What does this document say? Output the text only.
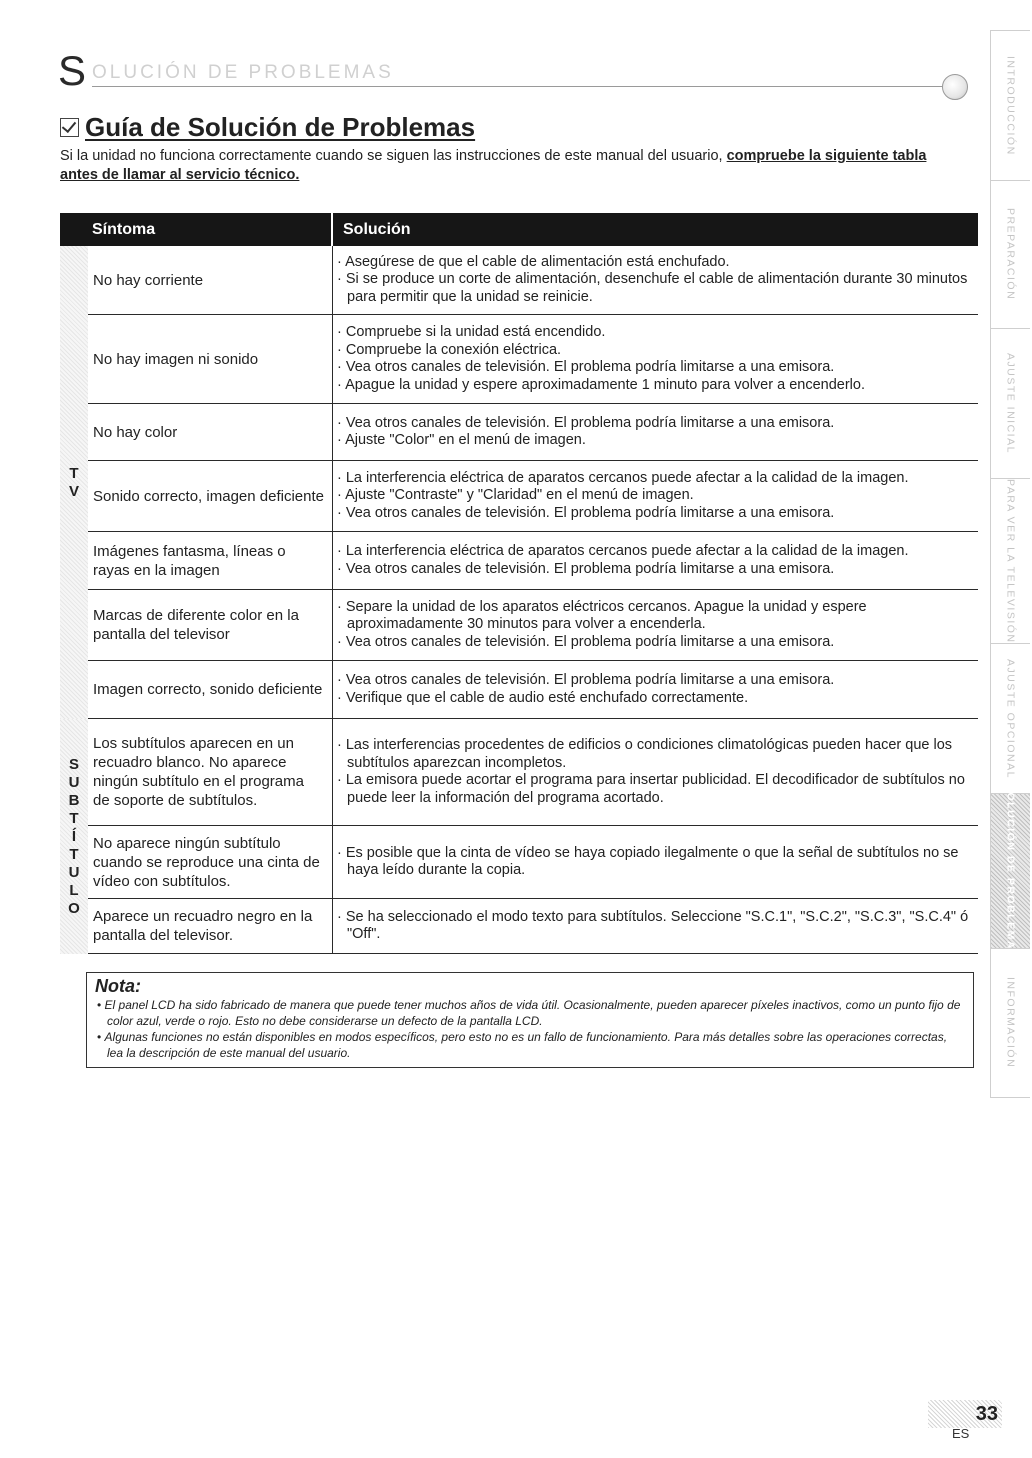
S OLUCIÓN DE PROBLEMAS
Guía de Solución de Problemas
Si la unidad no funciona correctamente cuando se siguen las instrucciones de este manual del usuario, compruebe la siguiente tabla antes de llamar al servicio técnico.
Síntoma	Solución
T
V
No hay corriente
· Asegúrese de que el cable de alimentación está enchufado.
· Si se produce un corte de alimentación, desenchufe el cable de alimentación durante 30 minutos para permitir que la unidad se reinicie.
No hay imagen ni sonido
· Compruebe si la unidad está encendido.
· Compruebe la conexión eléctrica.
· Vea otros canales de televisión. El problema podría limitarse a una emisora.
· Apague la unidad y espere aproximadamente 1 minuto para volver a encenderlo.
No hay color
· Vea otros canales de televisión. El problema podría limitarse a una emisora.
· Ajuste "Color" en el menú de imagen.
Sonido correcto, imagen deficiente
· La interferencia eléctrica de aparatos cercanos puede afectar a la calidad de la imagen.
· Ajuste "Contraste" y "Claridad" en el menú de imagen.
· Vea otros canales de televisión. El problema podría limitarse a una emisora.
Imágenes fantasma, líneas o rayas en la imagen
· La interferencia eléctrica de aparatos cercanos puede afectar a la calidad de la imagen.
· Vea otros canales de televisión. El problema podría limitarse a una emisora.
Marcas de diferente color en la pantalla del televisor
· Separe la unidad de los aparatos eléctricos cercanos. Apague la unidad y espere aproximadamente 30 minutos para volver a encenderla.
· Vea otros canales de televisión. El problema podría limitarse a una emisora.
Imagen correcto, sonido deficiente
· Vea otros canales de televisión. El problema podría limitarse a una emisora.
· Verifique que el cable de audio esté enchufado correctamente.
S
U
B
T
Í
T
U
L
O
Los subtítulos aparecen en un recuadro blanco. No aparece ningún subtítulo en el programa de soporte de subtítulos.
· Las interferencias procedentes de edificios o condiciones climatológicas pueden hacer que los subtítulos aparezcan incompletos.
· La emisora puede acortar el programa para insertar publicidad. El decodificador de subtítulos no puede leer la información del programa acortado.
No aparece ningún subtítulo cuando se reproduce una cinta de vídeo con subtítulos.
· Es posible que la cinta de vídeo se haya copiado ilegalmente o que la señal de subtítulos no se haya leído durante la copia.
Aparece un recuadro negro en la pantalla del televisor.
· Se ha seleccionado el modo texto para subtítulos. Seleccione "S.C.1", "S.C.2", "S.C.3", "S.C.4" ó "Off".
Nota:
• El panel LCD ha sido fabricado de manera que puede tener muchos años de vida útil. Ocasionalmente, pueden aparecer píxeles inactivos, como un punto fijo de color azul, verde o rojo. Esto no debe considerarse un defecto de la pantalla LCD.
• Algunas funciones no están disponibles en modos específicos, pero esto no es un fallo de funcionamiento. Para más detalles sobre las operaciones correctas, lea la descripción de este manual del usuario.
INTRODUCCIÓN
PREPARACIÓN
AJUSTE INICIAL
PARA VER LA TELEVISIÓN
AJUSTE OPCIONAL
SOLUCIÓN DE PROBLEMAS
INFORMACIÓN
33
ES
